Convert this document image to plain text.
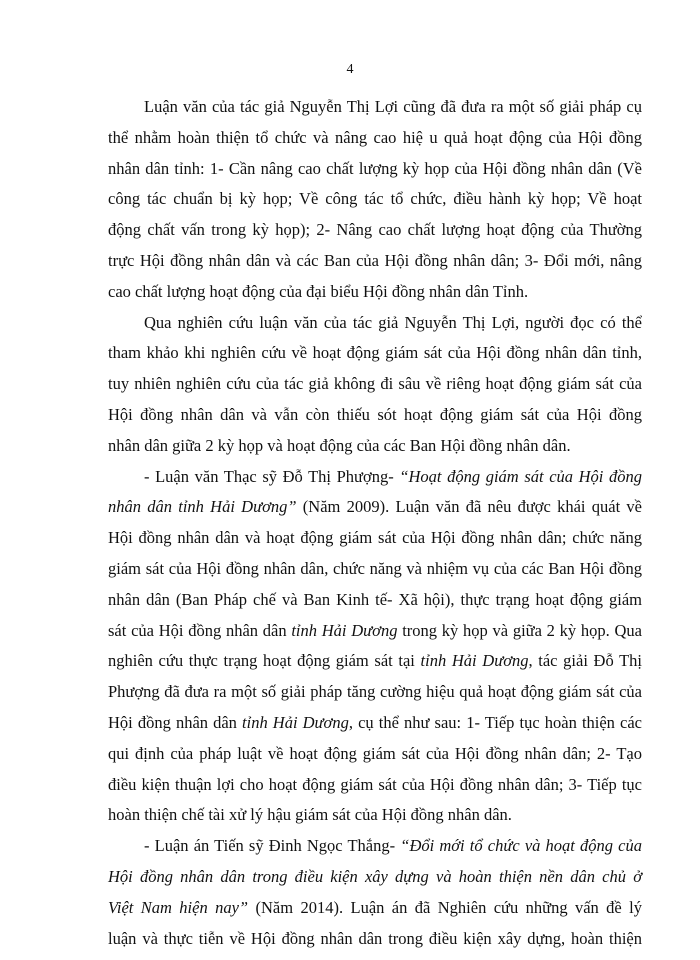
4
Luận văn của tác giả Nguyễn Thị Lợi cũng đã đưa ra một số giải pháp cụ
thể nhằm hoàn thiện tổ chức và nâng cao hiệ u quả hoạt động của Hội đồng
nhân dân tỉnh: 1- Cần nâng cao chất lượng kỳ họp của Hội đồng nhân dân (Về
công tác chuẩn bị kỳ họp; Về công tác tổ chức, điều hành kỳ họp; Về hoạt
động chất vấn trong kỳ họp); 2- Nâng cao chất lượng hoạt động của Thường
trực Hội đồng nhân dân và các Ban của Hội đồng nhân dân; 3- Đổi mới, nâng
cao chất lượng hoạt động của đại biểu Hội đồng nhân dân Tỉnh.
Qua nghiên cứu luận văn của tác giả Nguyễn Thị Lợi, người đọc có thể
tham khảo khi nghiên cứu về hoạt động giám sát của Hội đồng nhân dân tỉnh,
tuy nhiên nghiên cứu của tác giả không đi sâu về riêng hoạt động giám sát của
Hội đồng nhân dân và vẫn còn thiếu sót hoạt động giám sát của Hội đồng
nhân dân giữa 2 kỳ họp và hoạt động của các Ban Hội đồng nhân dân.
- Luận văn Thạc sỹ Đỗ Thị Phượng- “Hoạt động giám sát của Hội đồng
nhân dân tỉnh Hải Dương” (Năm 2009). Luận văn đã nêu được khái quát về
Hội đồng nhân dân và hoạt động giám sát của Hội đồng nhân dân; chức năng
giám sát của Hội đồng nhân dân, chức năng và nhiệm vụ của các Ban Hội đồng
nhân dân (Ban Pháp chế và Ban Kinh tế- Xã hội), thực trạng hoạt động giám
sát của Hội đồng nhân dân tỉnh Hải Dương trong kỳ họp và giữa 2 kỳ họp. Qua
nghiên cứu thực trạng hoạt động giám sát tại tỉnh Hải Dương, tác giải Đỗ Thị
Phượng đã đưa ra một số giải pháp tăng cường hiệu quả hoạt động giám sát của
Hội đồng nhân dân tỉnh Hải Dương, cụ thể như sau: 1- Tiếp tục hoàn thiện các
qui định của pháp luật về hoạt động giám sát của Hội đồng nhân dân; 2- Tạo
điều kiện thuận lợi cho hoạt động giám sát của Hội đồng nhân dân; 3- Tiếp tục
hoàn thiện chế tài xử lý hậu giám sát của Hội đồng nhân dân.
- Luận án Tiến sỹ Đinh Ngọc Thắng- “Đổi mới tổ chức và hoạt động của
Hội đồng nhân dân trong điều kiện xây dựng và hoàn thiện nền dân chủ ở
Việt Nam hiện nay” (Năm 2014). Luận án đã Nghiên cứu những vấn đề lý
luận và thực tiễn về Hội đồng nhân dân trong điều kiện xây dựng, hoàn thiện
